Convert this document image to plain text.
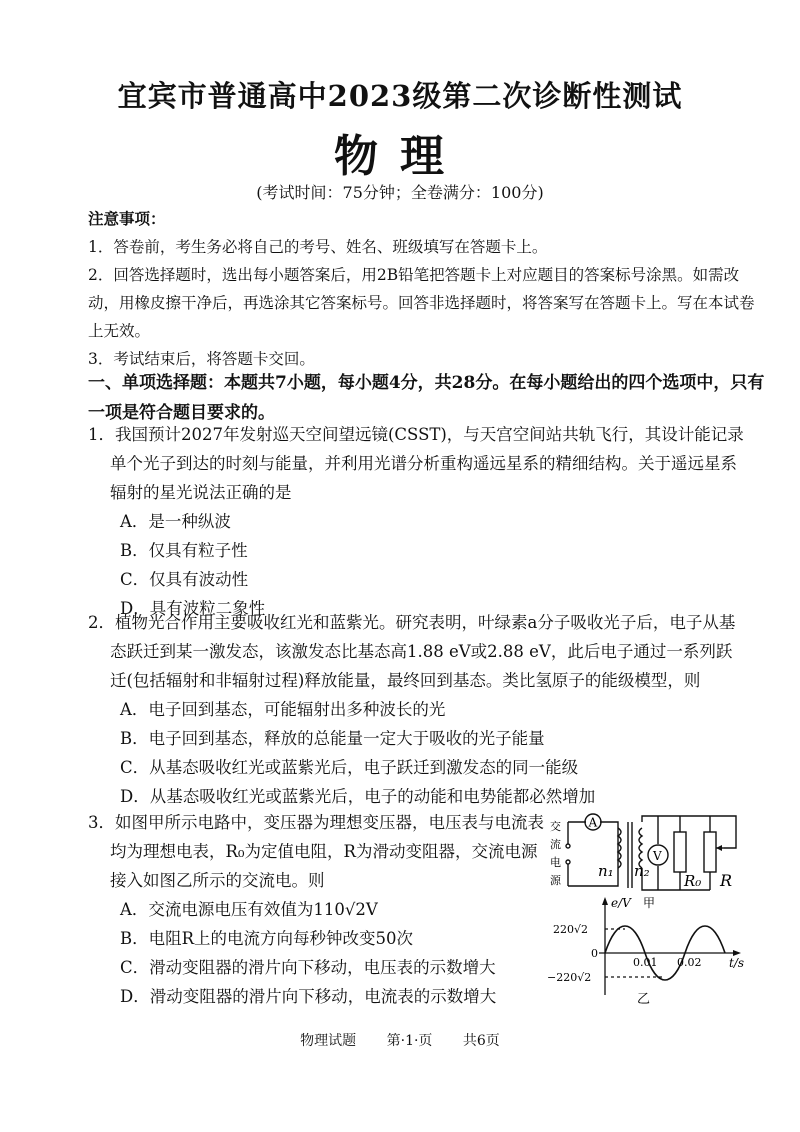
宜宾市普通高中2023级第二次诊断性测试
物理
(考试时间：75分钟；全卷满分：100分)

注意事项：

1．答卷前，考生务必将自己的考号、姓名、班级填写在答题卡上。

2．回答选择题时，选出每小题答案后，用2B铅笔把答题卡上对应题目的答案标号涂黑。如需改动，用橡皮擦干净后，再选涂其它答案标号。回答非选择题时，将答案写在答题卡上。写在本试卷上无效。

3．考试结束后，将答题卡交回。

一、单项选择题：本题共7小题，每小题4分，共28分。在每小题给出的四个选项中，只有一项是符合题目要求的。

1．我国预计2027年发射巡天空间望远镜(CSST)，与天宫空间站共轨飞行，其设计能记录单个光子到达的时刻与能量，并利用光谱分析重构遥远星系的精细结构。关于遥远星系辐射的星光说法正确的是

A．是一种纵波

B．仅具有粒子性

C．仅具有波动性

D．具有波粒二象性

2．植物光合作用主要吸收红光和蓝紫光。研究表明，叶绿素a分子吸收光子后，电子从基态跃迁到某一激发态，该激发态比基态高1.88 eV或2.88 eV，此后电子通过一系列跃迁(包括辐射和非辐射过程)释放能量，最终回到基态。类比氢原子的能级模型，则

A．电子回到基态，可能辐射出多种波长的光

B．电子回到基态，释放的总能量一定大于吸收的光子能量

C．从基态吸收红光或蓝紫光后，电子跃迁到激发态的同一能级

D．从基态吸收红光或蓝紫光后，电子的动能和电势能都必然增加

3．如图甲所示电路中，变压器为理想变压器，电压表与电流表均为理想电表，R₀为定值电阻，R为滑动变阻器，交流电源接入如图乙所示的交流电。则

A．交流电源电压有效值为110√2V

B．电阻R上的电流方向每秒钟改变50次

C．滑动变阻器的滑片向下移动，电压表的示数增大

D．滑动变阻器的滑片向下移动，电流表的示数增大

交
流
电
源
A
V
n₁ n₂
R₀ R
e/V 甲
t/s
220√2
−220√2
0
0.01 0.02
乙
物理试题 第·1·页 共6页
